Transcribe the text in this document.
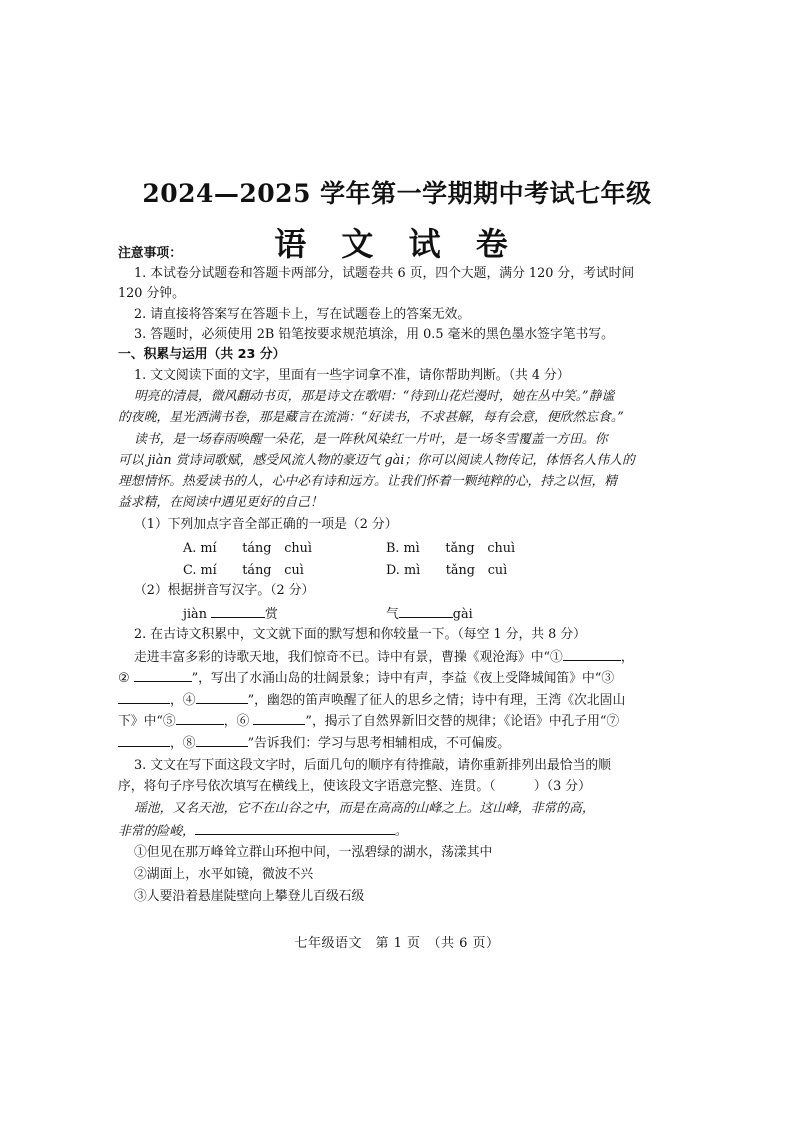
2024—2025 学年第一学期期中考试七年级
语 文 试 卷
注意事项：
1. 本试卷分试题卷和答题卡两部分，试题卷共 6 页，四个大题，满分 120 分，考试时间
120 分钟。
2. 请直接将答案写在答题卡上，写在试题卷上的答案无效。
3. 答题时，必须使用 2B 铅笔按要求规范填涂，用 0.5 毫米的黑色墨水签字笔书写。
一、积累与运用（共 23 分）
1. 文文阅读下面的文字，里面有一些字词拿不准，请你帮助判断。（共 4 分）
明亮的清晨，微风翻动书页，那是诗文在歌唱：“待到山花烂漫时，她在丛中笑。”静谧
的夜晚，星光洒满书卷，那是藏言在流淌：“好读书，不求甚解，每有会意，便欣然忘食。”
读书，是一场春雨唤醒一朵花，是一阵秋风染红一片叶，是一场冬雪覆盖一方田。你
可以 jiàn 赏诗词歌赋，感受风流人物的豪迈气 gài；你可以阅读人物传记，体悟名人伟人的
理想情怀。热爱读书的人，心中必有诗和远方。让我们怀着一颗纯粹的心，持之以恒，精
益求精，在阅读中遇见更好的自己！
（1）下列加点字音全部正确的一项是（2 分）
A. mí　　táng　chuì	B. mì　　tǎng　chuì
C. mí　　táng　cuì	D. mì　　tǎng　cuì
（2）根据拼音写汉字。（2 分）
jiàn	赏	气	gài
2. 在古诗文积累中，文文就下面的默写想和你较量一下。（每空 1 分，共 8 分）
走进丰富多彩的诗歌天地，我们惊奇不已。诗中有景，曹操《观沧海》中“①	，
②	”，写出了水涌山岛的壮阔景象；诗中有声，李益《夜上受降城闻笛》中“③
，④	”，幽怨的笛声唤醒了征人的思乡之情；诗中有理，王湾《次北固山
下》中“⑤	，⑥	”，揭示了自然界新旧交替的规律；《论语》中孔子用“⑦
，⑧	”告诉我们：学习与思考相辅相成，不可偏废。
3. 文文在写下面这段文字时，后面几句的顺序有待推敲，请你重新排列出最恰当的顺
序，将句子序号依次填写在横线上，使该段文字语意完整、连贯。（　　　）（3 分）
瑶池，又名天池，它不在山谷之中，而是在高高的山峰之上。这山峰，非常的高，
非常的险峻，	。
①但见在那万峰耸立群山环抱中间，一泓碧绿的湖水，荡漾其中
②湖面上，水平如镜，微波不兴
③人要沿着悬崖陡壁向上攀登儿百级石级
七年级语文　第 1 页　（共 6 页）
